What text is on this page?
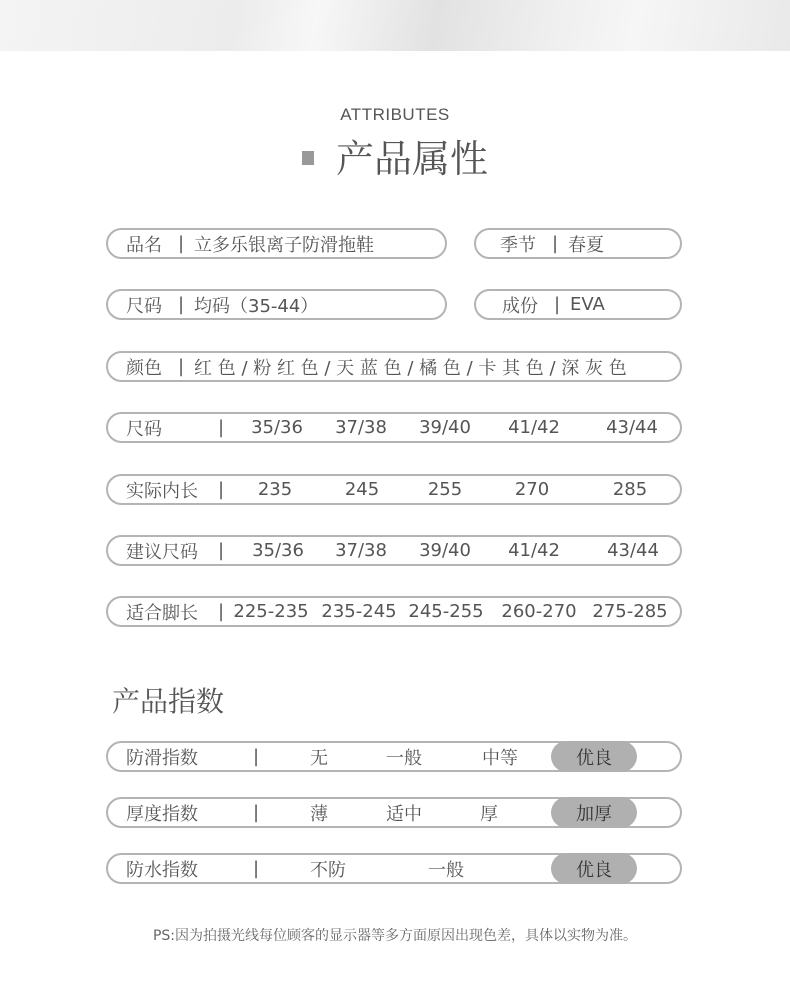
ATTRIBUTES
产品属性
品名 | 立多乐银离子防滑拖鞋	季节 | 春夏
尺码 | 均码（35-44）	成份 | EVA
颜色 | 红 色 / 粉 红 色 / 天 蓝 色 / 橘 色 / 卡 其 色 / 深 灰 色
尺码	| 35/36 37/38 39/40 41/42	43/44
实际内长 | 235	245	255	270	285
建议尺码 | 35/36 37/38 39/40 41/42	43/44
适合脚长 | 225-235 235-245 245-255 260-270 275-285
产品指数
防滑指数	|	无	一般	中等	优良
厚度指数	|	薄	适中	厚	加厚
防水指数	|	不防	一般	优良
PS:因为拍摄光线每位顾客的显示器等多方面原因出现色差，具体以实物为准。
